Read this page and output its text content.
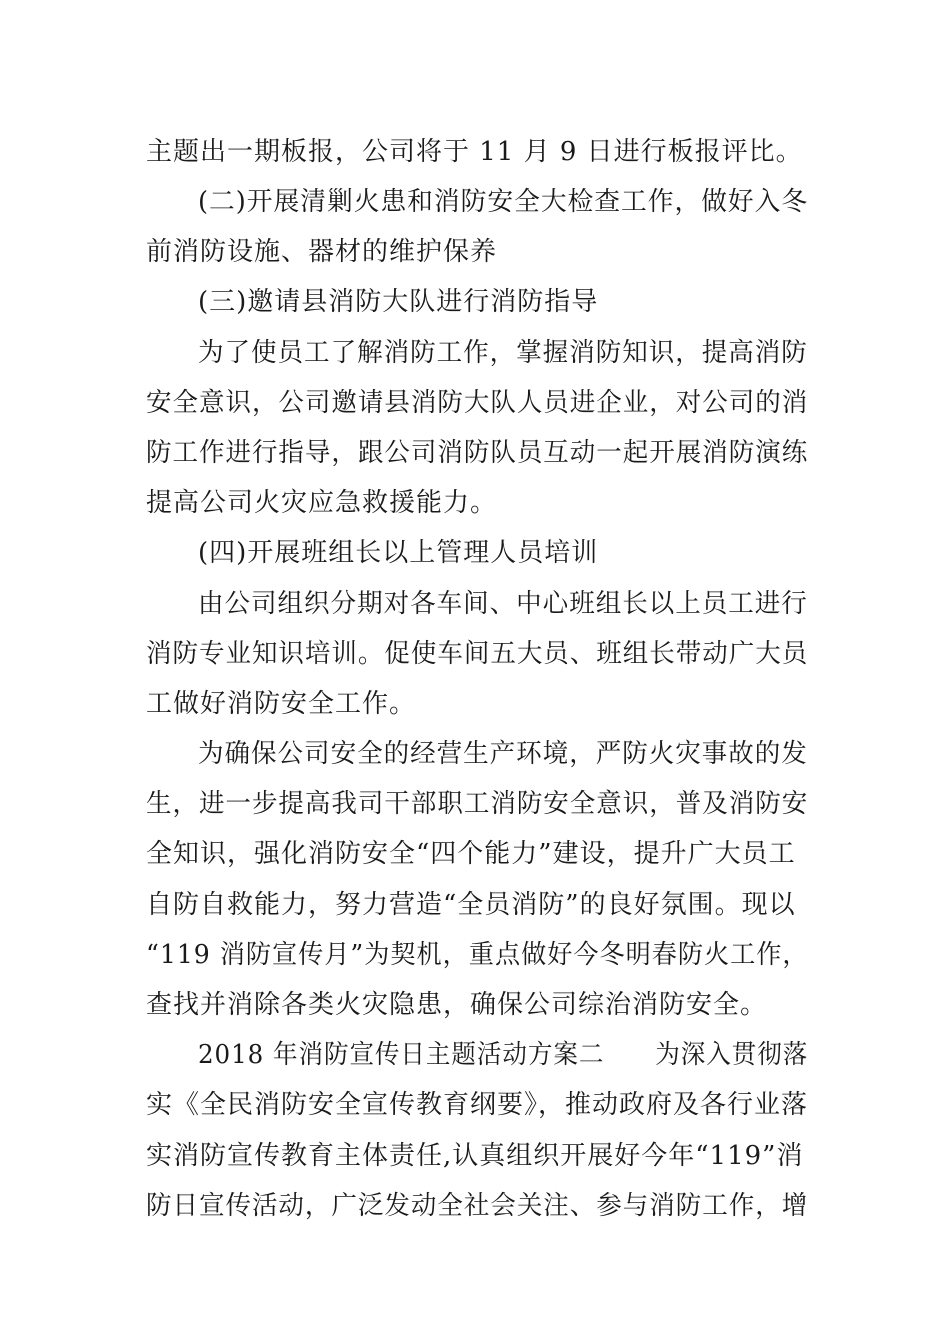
主题出一期板报，公司将于 11 月 9 日进行板报评比。
(二)开展清剿火患和消防安全大检查工作，做好入冬
前消防设施、器材的维护保养
(三)邀请县消防大队进行消防指导
为了使员工了解消防工作，掌握消防知识，提高消防
安全意识，公司邀请县消防大队人员进企业，对公司的消
防工作进行指导，跟公司消防队员互动一起开展消防演练
提高公司火灾应急救援能力。
(四)开展班组长以上管理人员培训
由公司组织分期对各车间、中心班组长以上员工进行
消防专业知识培训。促使车间五大员、班组长带动广大员
工做好消防安全工作。
为确保公司安全的经营生产环境，严防火灾事故的发
生，进一步提高我司干部职工消防安全意识，普及消防安
全知识，强化消防安全“四个能力”建设，提升广大员工
自防自救能力，努力营造“全员消防”的良好氛围。现以
“119 消防宣传月”为契机，重点做好今冬明春防火工作，
查找并消除各类火灾隐患，确保公司综治消防安全。
2018 年消防宣传日主题活动方案二　　为深入贯彻落
实《全民消防安全宣传教育纲要》，推动政府及各行业落
实消防宣传教育主体责任,认真组织开展好今年“119”消
防日宣传活动，广泛发动全社会关注、参与消防工作，增
